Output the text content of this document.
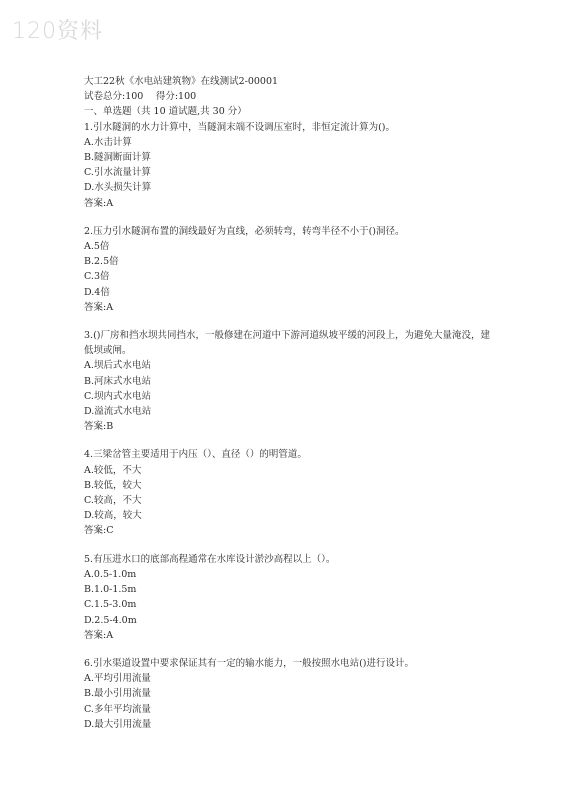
120资料
大工22秋《水电站建筑物》在线测试2-00001
试卷总分:100　 得分:100
一、单选题（共 10 道试题,共 30 分）
1.引水隧洞的水力计算中，当隧洞末端不设调压室时，非恒定流计算为()。
A.水击计算
B.隧洞断面计算
C.引水流量计算
D.水头损失计算
答案:A
2.压力引水隧洞布置的洞线最好为直线，必须转弯，转弯半径不小于()洞径。
A.5倍
B.2.5倍
C.3倍
D.4倍
答案:A
3.()厂房和挡水坝共同挡水，一般修建在河道中下游河道纵坡平缓的河段上，为避免大量淹没，建低坝或闸。
A.坝后式水电站
B.河床式水电站
C.坝内式水电站
D.溢流式水电站
答案:B
4.三梁岔管主要适用于内压（）、直径（）的明管道。
A.较低，不大
B.较低，较大
C.较高，不大
D.较高，较大
答案:C
5.有压进水口的底部高程通常在水库设计淤沙高程以上（）。
A.0.5-1.0m
B.1.0-1.5m
C.1.5-3.0m
D.2.5-4.0m
答案:A
6.引水渠道设置中要求保证其有一定的输水能力，一般按照水电站()进行设计。
A.平均引用流量
B.最小引用流量
C.多年平均流量
D.最大引用流量
